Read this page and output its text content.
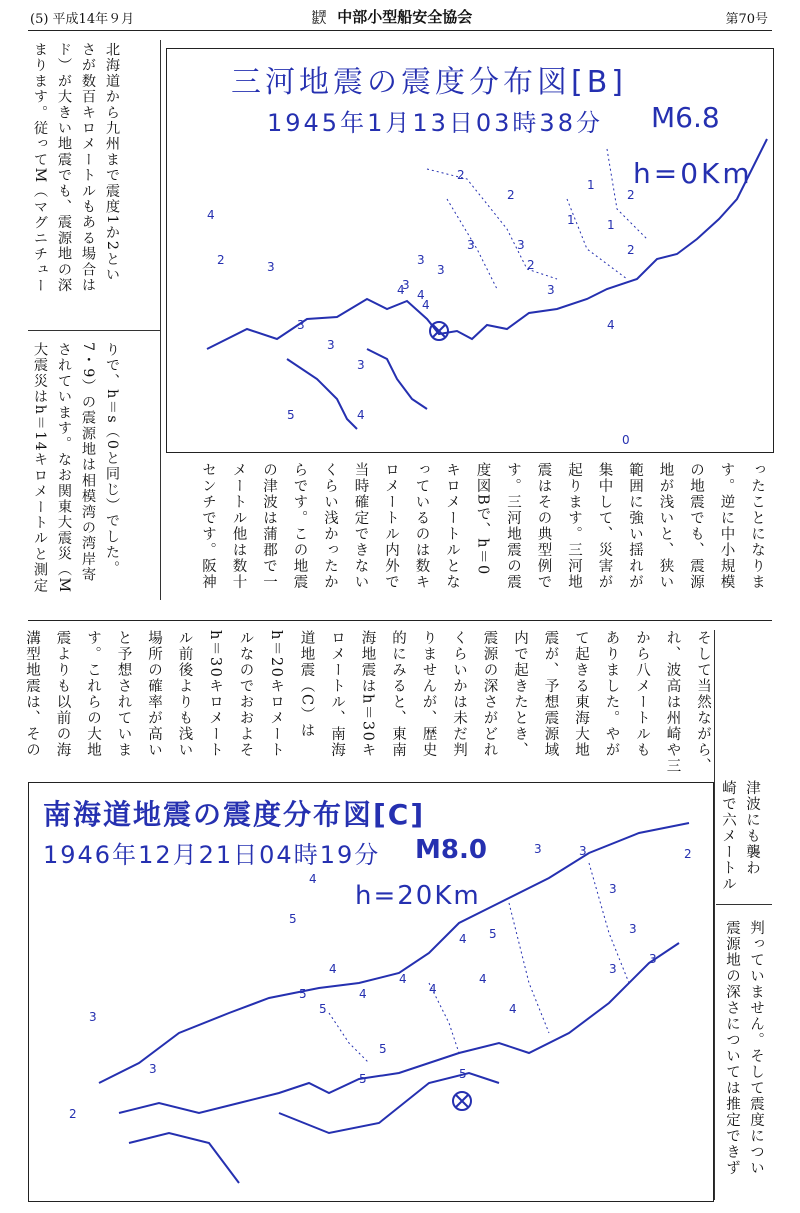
(5) 平成14年９月	社団法人 中部小型船安全協会	第70号
北海道から九州まで震度1か2とい
さが数百キロメートルもある場合は
ド）が大きい地震でも、震源地の深
まります。従ってM（マグニチュー
りで、h＝s（0と同じ）でした。
7・9）の震源地は相模湾の湾岸寄
されています。なお関東大震災（M
大震災はh＝14キロメートルと測定
1
1
1
2
2
2	2
2
2	3
3
3
3
3	3
3
3
3
3
4
4
4
4
4
4
5
0
三河地震の震度分布図[B]
1945年1月13日03時38分 M6.8
h=0Km
ったことになりま
す。逆に中小規模
の地震でも、震源
地が浅いと、狭い
範囲に強い揺れが
集中して、災害が
起ります。三河地
震はその典型例で
す。三河地震の震
度図Bで、h＝0
キロメートルとな
っているのは数キ
ロメートル内外で
当時確定できない
くらい浅かったか
らです。この地震
の津波は蒲郡で一
メートル他は数十
センチです。阪神
そして当然ながら、
れ、波高は州崎や三
から八メートルも
ありました。やが
て起きる東海大地
震が、予想震源域
内で起きたとき、
震源の深さがどれ
くらいかは未だ判
りませんが、歴史
的にみると、東南
海地震はh＝30キ
ロメートル、南海
道地震（C）は
h＝20キロメート
ルなのでおおよそ
h＝30キロメート
ル前後よりも浅い
場所の確率が高い
と予想されていま
す。これらの大地
震よりも以前の海
溝型地震は、その
津波にも襲わ
崎で六メートル
判っていません。そして震度につい
震源地の深さについては推定できず
2
2
3	3
3
3
3
3
3
4
4
4
4
4
4
4
5
5
5
5
5
5
5
4
3
南海道地震の震度分布図[C]
1946年12月21日04時19分 M8.0
h=20Km
